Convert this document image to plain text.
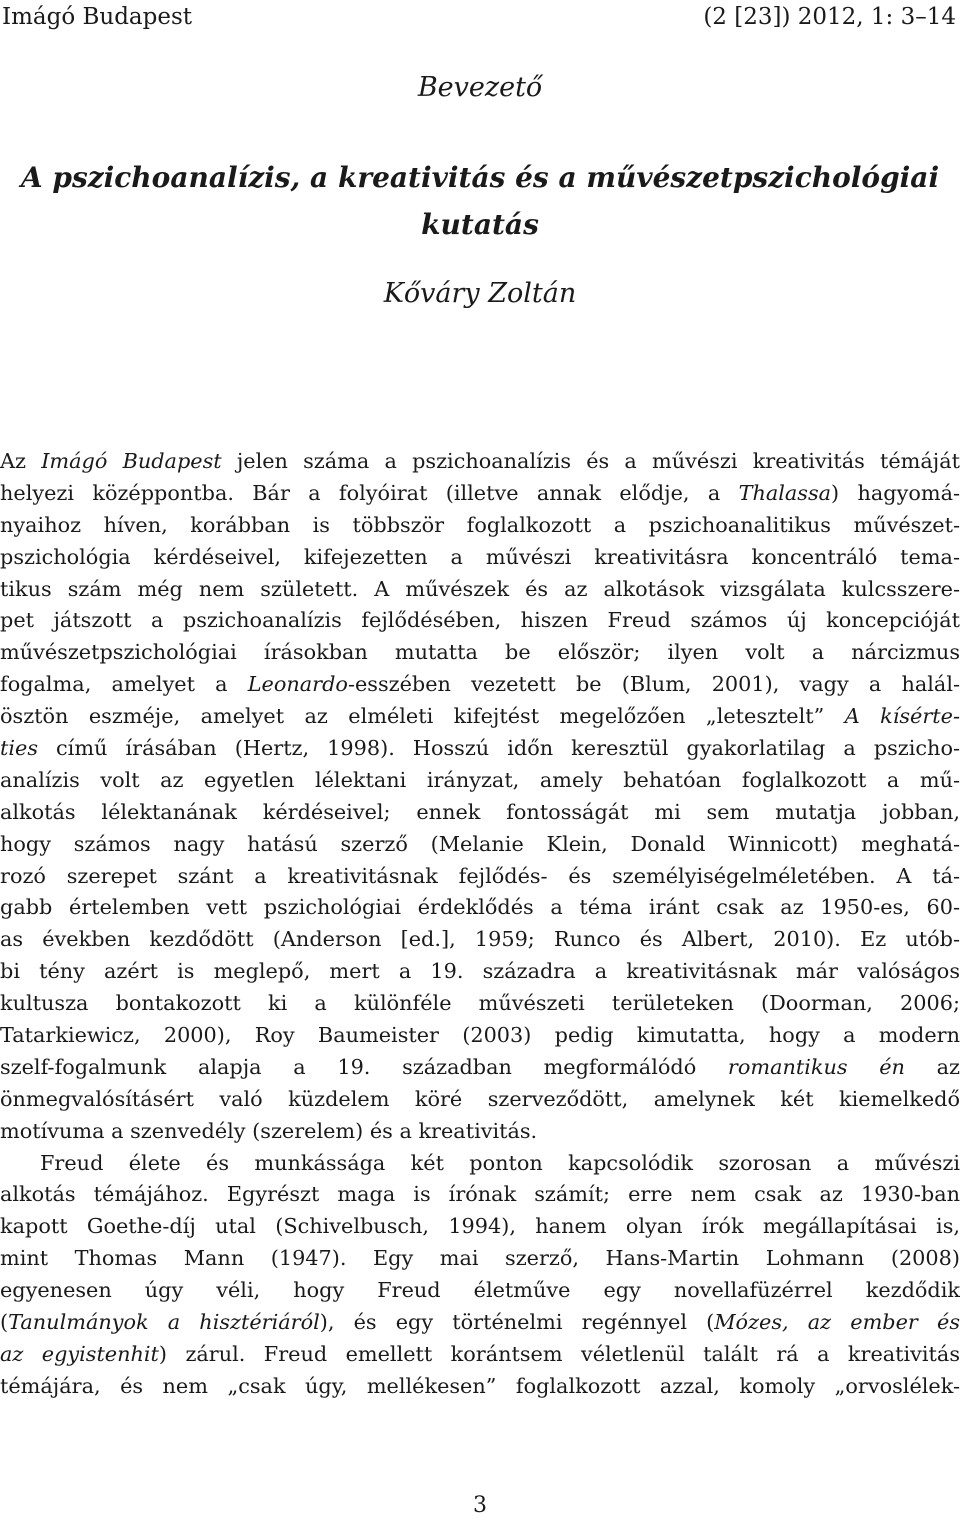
Imágó Budapest	(2 [23]) 2012, 1: 3–14
Bevezető
A pszichoanalízis, a kreativitás és a művészetpszichológiai
kutatás
Kőváry Zoltán
Az Imágó Budapest jelen száma a pszichoanalízis és a művészi kreativitás témáját
helyezi középpontba. Bár a folyóirat (illetve annak elődje, a Thalassa) hagyomá-
nyaihoz híven, korábban is többször foglalkozott a pszichoanalitikus művészet-
pszichológia kérdéseivel, kifejezetten a művészi kreativitásra koncentráló tema-
tikus szám még nem született. A művészek és az alkotások vizsgálata kulcsszere-
pet játszott a pszichoanalízis fejlődésében, hiszen Freud számos új koncepcióját
művészetpszichológiai írásokban mutatta be először; ilyen volt a nárcizmus
fogalma, amelyet a Leonardo-esszében vezetett be (Blum, 2001), vagy a halál-
ösztön eszméje, amelyet az elméleti kifejtést megelőzően „letesztelt” A kísérte-
ties című írásában (Hertz, 1998). Hosszú időn keresztül gyakorlatilag a pszicho-
analízis volt az egyetlen lélektani irányzat, amely behatóan foglalkozott a mű-
alkotás lélektanának kérdéseivel; ennek fontosságát mi sem mutatja jobban,
hogy számos nagy hatású szerző (Melanie Klein, Donald Winnicott) meghatá-
rozó szerepet szánt a kreativitásnak fejlődés- és személyiségelméletében. A tá-
gabb értelemben vett pszichológiai érdeklődés a téma iránt csak az 1950-es, 60-
as években kezdődött (Anderson [ed.], 1959; Runco és Albert, 2010). Ez utób-
bi tény azért is meglepő, mert a 19. századra a kreativitásnak már valóságos
kultusza bontakozott ki a különféle művészeti területeken (Doorman, 2006;
Tatarkiewicz, 2000), Roy Baumeister (2003) pedig kimutatta, hogy a modern
szelf-fogalmunk alapja a 19. században megformálódó romantikus én az
önmegvalósításért való küzdelem köré szerveződött, amelynek két kiemelkedő
motívuma a szenvedély (szerelem) és a kreativitás.
Freud élete és munkássága két ponton kapcsolódik szorosan a művészi
alkotás témájához. Egyrészt maga is írónak számít; erre nem csak az 1930-ban
kapott Goethe-díj utal (Schivelbusch, 1994), hanem olyan írók megállapításai is,
mint Thomas Mann (1947). Egy mai szerző, Hans-Martin Lohmann (2008)
egyenesen úgy véli, hogy Freud életműve egy novellafüzérrel kezdődik
(Tanulmányok a hisztériáról), és egy történelmi regénnyel (Mózes, az ember és
az egyistenhit) zárul. Freud emellett korántsem véletlenül talált rá a kreativitás
témájára, és nem „csak úgy, mellékesen” foglalkozott azzal, komoly „orvoslélek-
3
